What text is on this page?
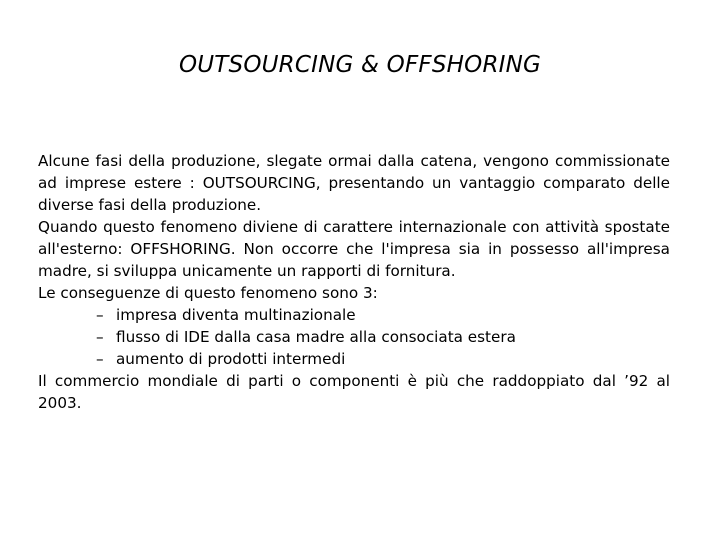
OUTSOURCING & OFFSHORING

Alcune fasi della produzione, slegate ormai dalla catena, vengono commissionate ad imprese estere : OUTSOURCING, presentando un vantaggio comparato delle diverse fasi della produzione.

Quando questo fenomeno diviene di carattere internazionale con attività spostate all'esterno: OFFSHORING. Non occorre che l'impresa sia in possesso all'impresa madre, si sviluppa unicamente un rapporti di fornitura.

Le conseguenze di questo fenomeno sono 3:

– impresa diventa multinazionale
– flusso di IDE dalla casa madre alla consociata estera
– aumento di prodotti intermedi

Il commercio mondiale di parti o componenti è più che raddoppiato dal ’92 al 2003.
